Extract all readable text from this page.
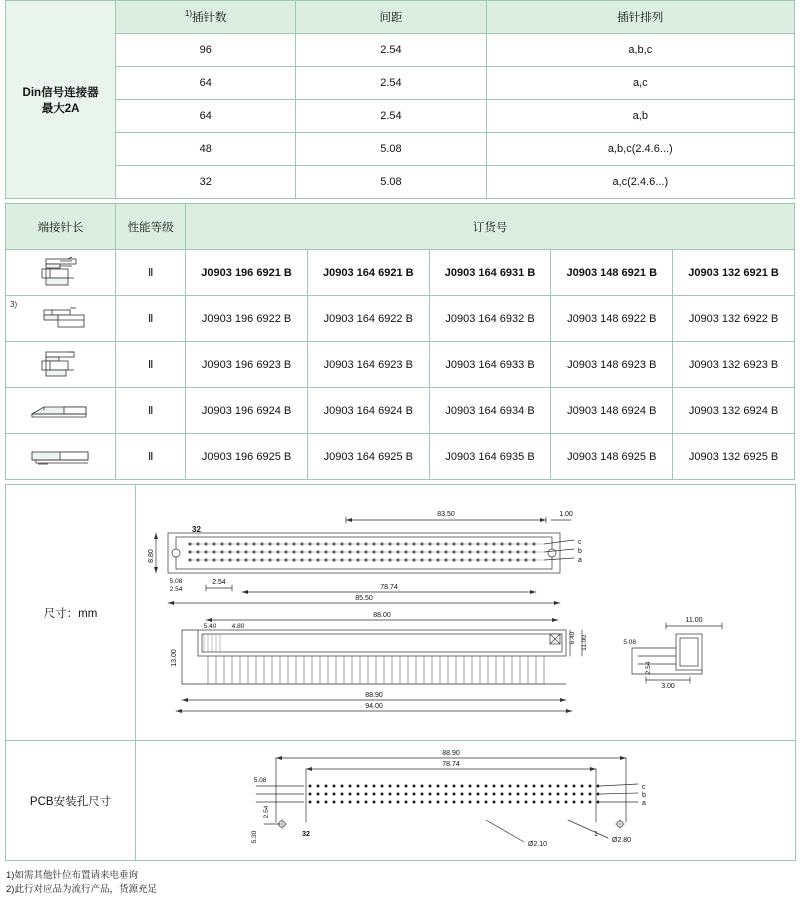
Din信号连接器
最大2A	$^{1)}$插针数	间距	插针排列
	96	2.54	a,b,c
	64	2.54	a,c
	64	2.54	a,b
	48	5.08	a,b,c(2.4.6...)
	32	5.08	a,c(2.4.6...)
端接针长	性能等级	订货号				

	Ⅱ	J0903 196 6921 B	J0903 164 6921 B	J0903 164 6931 B	J0903 148 6921 B	J0903 132 6921 B

3)	Ⅱ	J0903 196 6922 B	J0903 164 6922 B	J0903 164 6932 B	J0903 148 6922 B	J0903 132 6922 B

	Ⅱ	J0903 196 6923 B	J0903 164 6923 B	J0903 164 6933 B	J0903 148 6923 B	J0903 132 6923 B

	Ⅱ	J0903 196 6924 B	J0903 164 6924 B	J0903 164 6934 B	J0903 148 6924 B	J0903 132 6924 B

	Ⅱ	J0903 196 6925 B	J0903 164 6925 B	J0903 164 6935 B	J0903 148 6925 B	J0903 132 6925 B
尺寸：mm	
83.50	1.00
32
c
b
a
8.80
5.08
2.54
2.54
78.74
85.50
88.00
5.40 4.80
13.00
6.40 11.00
88.90
94.00
11.00
5.08
2.54
3.00

PCB安装孔尺寸	
88.90
78.74
5.08
2.54
5.30
c
b
a
Ø2.80
Ø2.10
32	1
1)如需其他针位布置请来电垂询
2)此行对应品为流行产品，货源充足
